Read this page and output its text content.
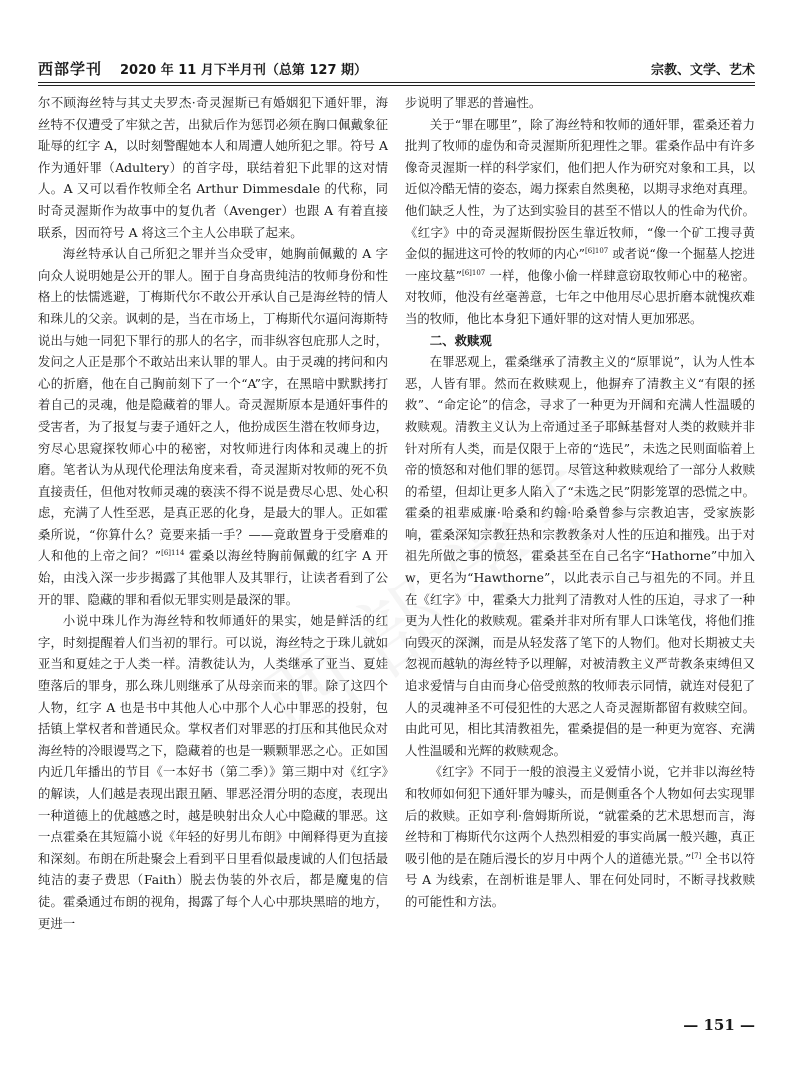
西部学刊 2020 年 11 月下半月刊（总第 127 期）	宗教、文学、艺术

尔不顾海丝特与其丈夫罗杰·奇灵渥斯已有婚姻犯下通奸罪，海丝特不仅遭受了牢狱之苦，出狱后作为惩罚必须在胸口佩戴象征耻辱的红字 A，以时刻警醒她本人和周遭人她所犯之罪。符号 A 作为通奸罪（Adultery）的首字母，联结着犯下此罪的这对情人。A 又可以看作牧师全名 Arthur Dimmesdale 的代称，同时奇灵渥斯作为故事中的复仇者（Avenger）也跟 A 有着直接联系，因而符号 A 将这三个主人公串联了起来。

海丝特承认自己所犯之罪并当众受审，她胸前佩戴的 A 字向众人说明她是公开的罪人。囿于自身高贵纯洁的牧师身份和性格上的怯懦逃避，丁梅斯代尔不敢公开承认自己是海丝特的情人和珠儿的父亲。讽刺的是，当在市场上，丁梅斯代尔逼问海斯特说出与她一同犯下罪行的那人的名字，而非纵容包庇那人之时，发问之人正是那个不敢站出来认罪的罪人。由于灵魂的拷问和内心的折磨，他在自己胸前刻下了一个“A”字，在黑暗中默默拷打着自己的灵魂，他是隐藏着的罪人。奇灵渥斯原本是通奸事件的受害者，为了报复与妻子通奸之人，他扮成医生潜在牧师身边，穷尽心思窥探牧师心中的秘密，对牧师进行肉体和灵魂上的折磨。笔者认为从现代伦理法角度来看，奇灵渥斯对牧师的死不负直接责任，但他对牧师灵魂的亵渎不得不说是费尽心思、处心积虑，充满了人性至恶，是真正恶的化身，是最大的罪人。正如霍桑所说，“你算什么？竟要来插一手？——竟敢置身于受磨难的人和他的上帝之间？”$^{[6]114}$ 霍桑以海丝特胸前佩戴的红字 A 开始，由浅入深一步步揭露了其他罪人及其罪行，让读者看到了公开的罪、隐藏的罪和看似无罪实则是最深的罪。

小说中珠儿作为海丝特和牧师通奸的果实，她是鲜活的红字，时刻提醒着人们当初的罪行。可以说，海丝特之于珠儿就如亚当和夏娃之于人类一样。清教徒认为，人类继承了亚当、夏娃堕落后的罪身，那么珠儿则继承了从母亲而来的罪。除了这四个人物，红字 A 也是书中其他人心中那个人心中罪恶的投射，包括镇上掌权者和普通民众。掌权者们对罪恶的打压和其他民众对海丝特的冷眼谩骂之下，隐藏着的也是一颗颗罪恶之心。正如国内近几年播出的节目《一本好书（第二季）》第三期中对《红字》的解读，人们越是表现出跟丑陋、罪恶泾渭分明的态度，表现出一种道德上的优越感之时，越是映射出众人心中隐藏的罪恶。这一点霍桑在其短篇小说《年轻的好男儿布朗》中阐释得更为直接和深刻。布朗在所赴聚会上看到平日里看似最虔诚的人们包括最纯洁的妻子费思（Faith）脱去伪装的外衣后，都是魔鬼的信徒。霍桑通过布朗的视角，揭露了每个人心中那块黑暗的地方，更进一

步说明了罪恶的普遍性。

关于“罪在哪里”，除了海丝特和牧师的通奸罪，霍桑还着力批判了牧师的虚伪和奇灵渥斯所犯理性之罪。霍桑作品中有许多像奇灵渥斯一样的科学家们，他们把人作为研究对象和工具，以近似冷酷无情的姿态，竭力探索自然奥秘，以期寻求绝对真理。他们缺乏人性，为了达到实验目的甚至不惜以人的性命为代价。《红字》中的奇灵渥斯假扮医生靠近牧师，“像一个矿工搜寻黄金似的掘进这可怜的牧师的内心”$^{[6]107}$ 或者说“像一个掘墓人挖进一座坟墓”$^{[6]107}$ 一样，他像小偷一样肆意窃取牧师心中的秘密。对牧师，他没有丝毫善意，七年之中他用尽心思折磨本就愧疚难当的牧师，他比本身犯下通奸罪的这对情人更加邪恶。

二、救赎观

在罪恶观上，霍桑继承了清教主义的“原罪说”，认为人性本恶，人皆有罪。然而在救赎观上，他摒弃了清教主义“有限的拯救”、“命定论”的信念，寻求了一种更为开阔和充满人性温暖的救赎观。清教主义认为上帝通过圣子耶稣基督对人类的救赎并非针对所有人类，而是仅限于上帝的“选民”，未选之民则面临着上帝的愤怒和对他们罪的惩罚。尽管这种救赎观给了一部分人救赎的希望，但却让更多人陷入了“未选之民”阴影笼罩的恐慌之中。霍桑的祖辈威廉·哈桑和约翰·哈桑曾参与宗教迫害，受家族影响，霍桑深知宗教狂热和宗教教条对人性的压迫和摧残。出于对祖先所做之事的愤怒，霍桑甚至在自己名字“Hathorne”中加入 w，更名为“Hawthorne”，以此表示自己与祖先的不同。并且在《红字》中，霍桑大力批判了清教对人性的压迫，寻求了一种更为人性化的救赎观。霍桑并非对所有罪人口诛笔伐，将他们推向毁灭的深渊，而是从轻发落了笔下的人物们。他对长期被丈夫忽视而越轨的海丝特予以理解，对被清教主义严苛教条束缚但又追求爱情与自由而身心倍受煎熬的牧师表示同情，就连对侵犯了人的灵魂神圣不可侵犯性的大恶之人奇灵渥斯都留有救赎空间。由此可见，相比其清教祖先，霍桑提倡的是一种更为宽容、充满人性温暖和光辉的救赎观念。

《红字》不同于一般的浪漫主义爱情小说，它并非以海丝特和牧师如何犯下通奸罪为噱头，而是侧重各个人物如何去实现罪后的救赎。正如亨利·詹姆斯所说，“就霍桑的艺术思想而言，海丝特和丁梅斯代尔这两个人热烈相爱的事实尚属一般兴趣，真正吸引他的是在随后漫长的岁月中两个人的道德光景。”[7] 全书以符号 A 为线索，在剖析谁是罪人、罪在何处同时，不断寻找救赎的可能性和方法。

— 151 —
